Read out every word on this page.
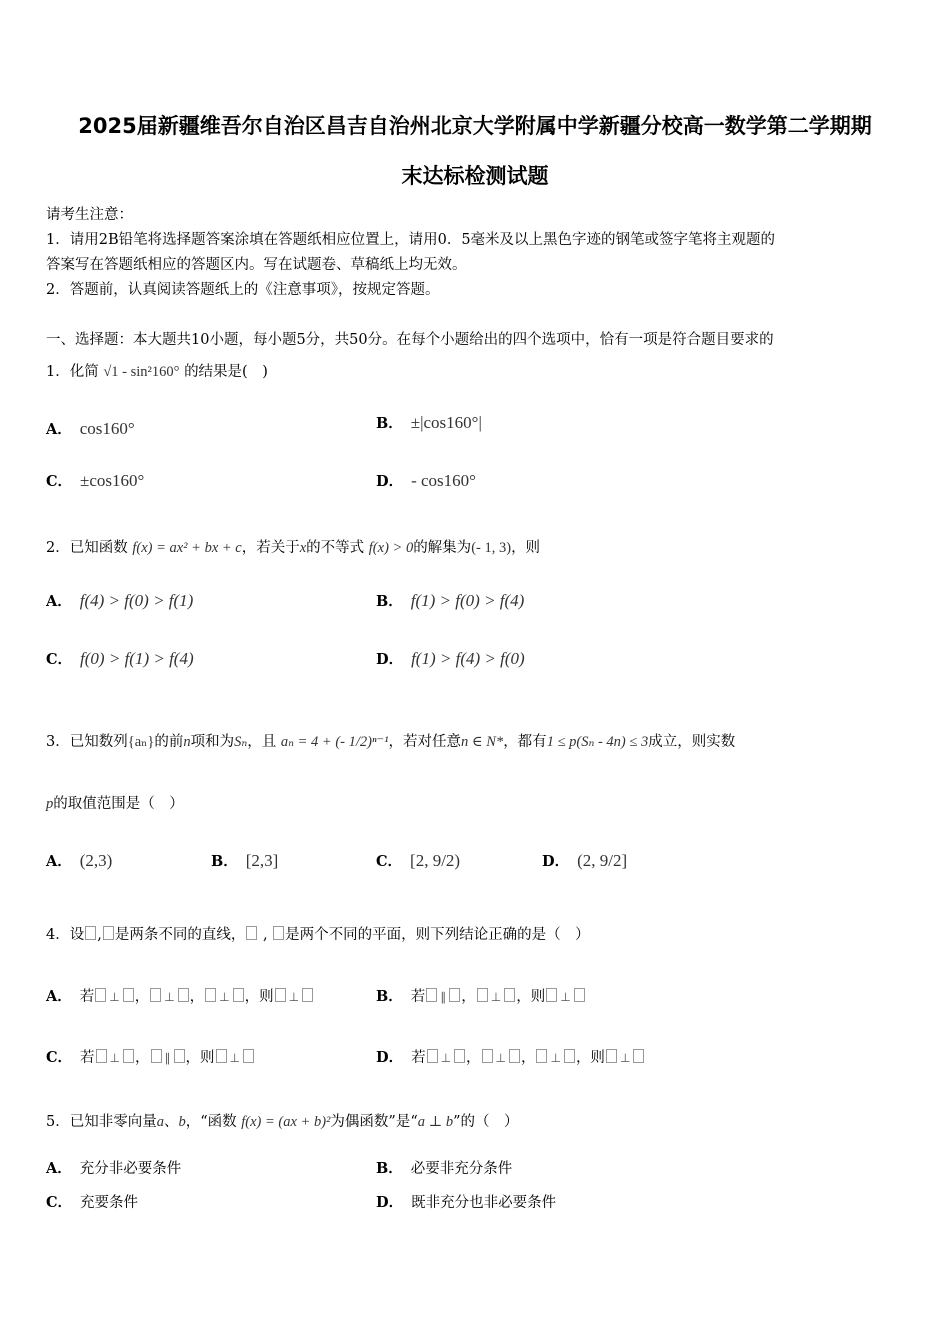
2025届新疆维吾尔自治区昌吉自治州北京大学附属中学新疆分校高一数学第二学期期
末达标检测试题
请考生注意：
1．请用2B铅笔将选择题答案涂填在答题纸相应位置上，请用0．5毫米及以上黑色字迹的钢笔或签字笔将主观题的
答案写在答题纸相应的答题区内。写在试题卷、草稿纸上均无效。
2．答题前，认真阅读答题纸上的《注意事项》，按规定答题。
一、选择题：本大题共10小题，每小题5分，共50分。在每个小题给出的四个选项中，恰有一项是符合题目要求的
1．化简 √1 - sin²160° 的结果是(　)
A． cos160°	B． ±|cos160°|
C． ±cos160°	D． - cos160°
2．已知函数 f(x) = ax² + bx + c，若关于x的不等式 f(x) > 0的解集为(- 1, 3)，则
A． f(4) > f(0) > f(1)	B． f(1) > f(0) > f(4)
C． f(0) > f(1) > f(4)	D． f(1) > f(4) > f(0)
3．已知数列{aₙ}的前n项和为Sₙ，且 aₙ = 4 + (- 1/2)ⁿ⁻¹，若对任意n ∈ N*，都有1 ≤ p(Sₙ - 4n) ≤ 3成立，则实数
p的取值范围是（　）
A． (2,3)	B． [2,3]	C． [2, 9/2)	D． (2, 9/2]
4．设 , 是两条不同的直线， , 是两个不同的平面，则下列结论正确的是（　）
A． 若 ⊥ ， ⊥ ， ⊥ ，则 ⊥	B． 若 ∥ ， ⊥ ，则 ⊥
C． 若 ⊥ ， ∥ ，则 ⊥	D． 若 ⊥ ， ⊥ ， ⊥ ，则 ⊥
5．已知非零向量a、b，“函数 f(x) = (ax + b)²为偶函数”是“a ⊥ b”的（　）
A． 充分非必要条件	B． 必要非充分条件
C． 充要条件	D． 既非充分也非必要条件
